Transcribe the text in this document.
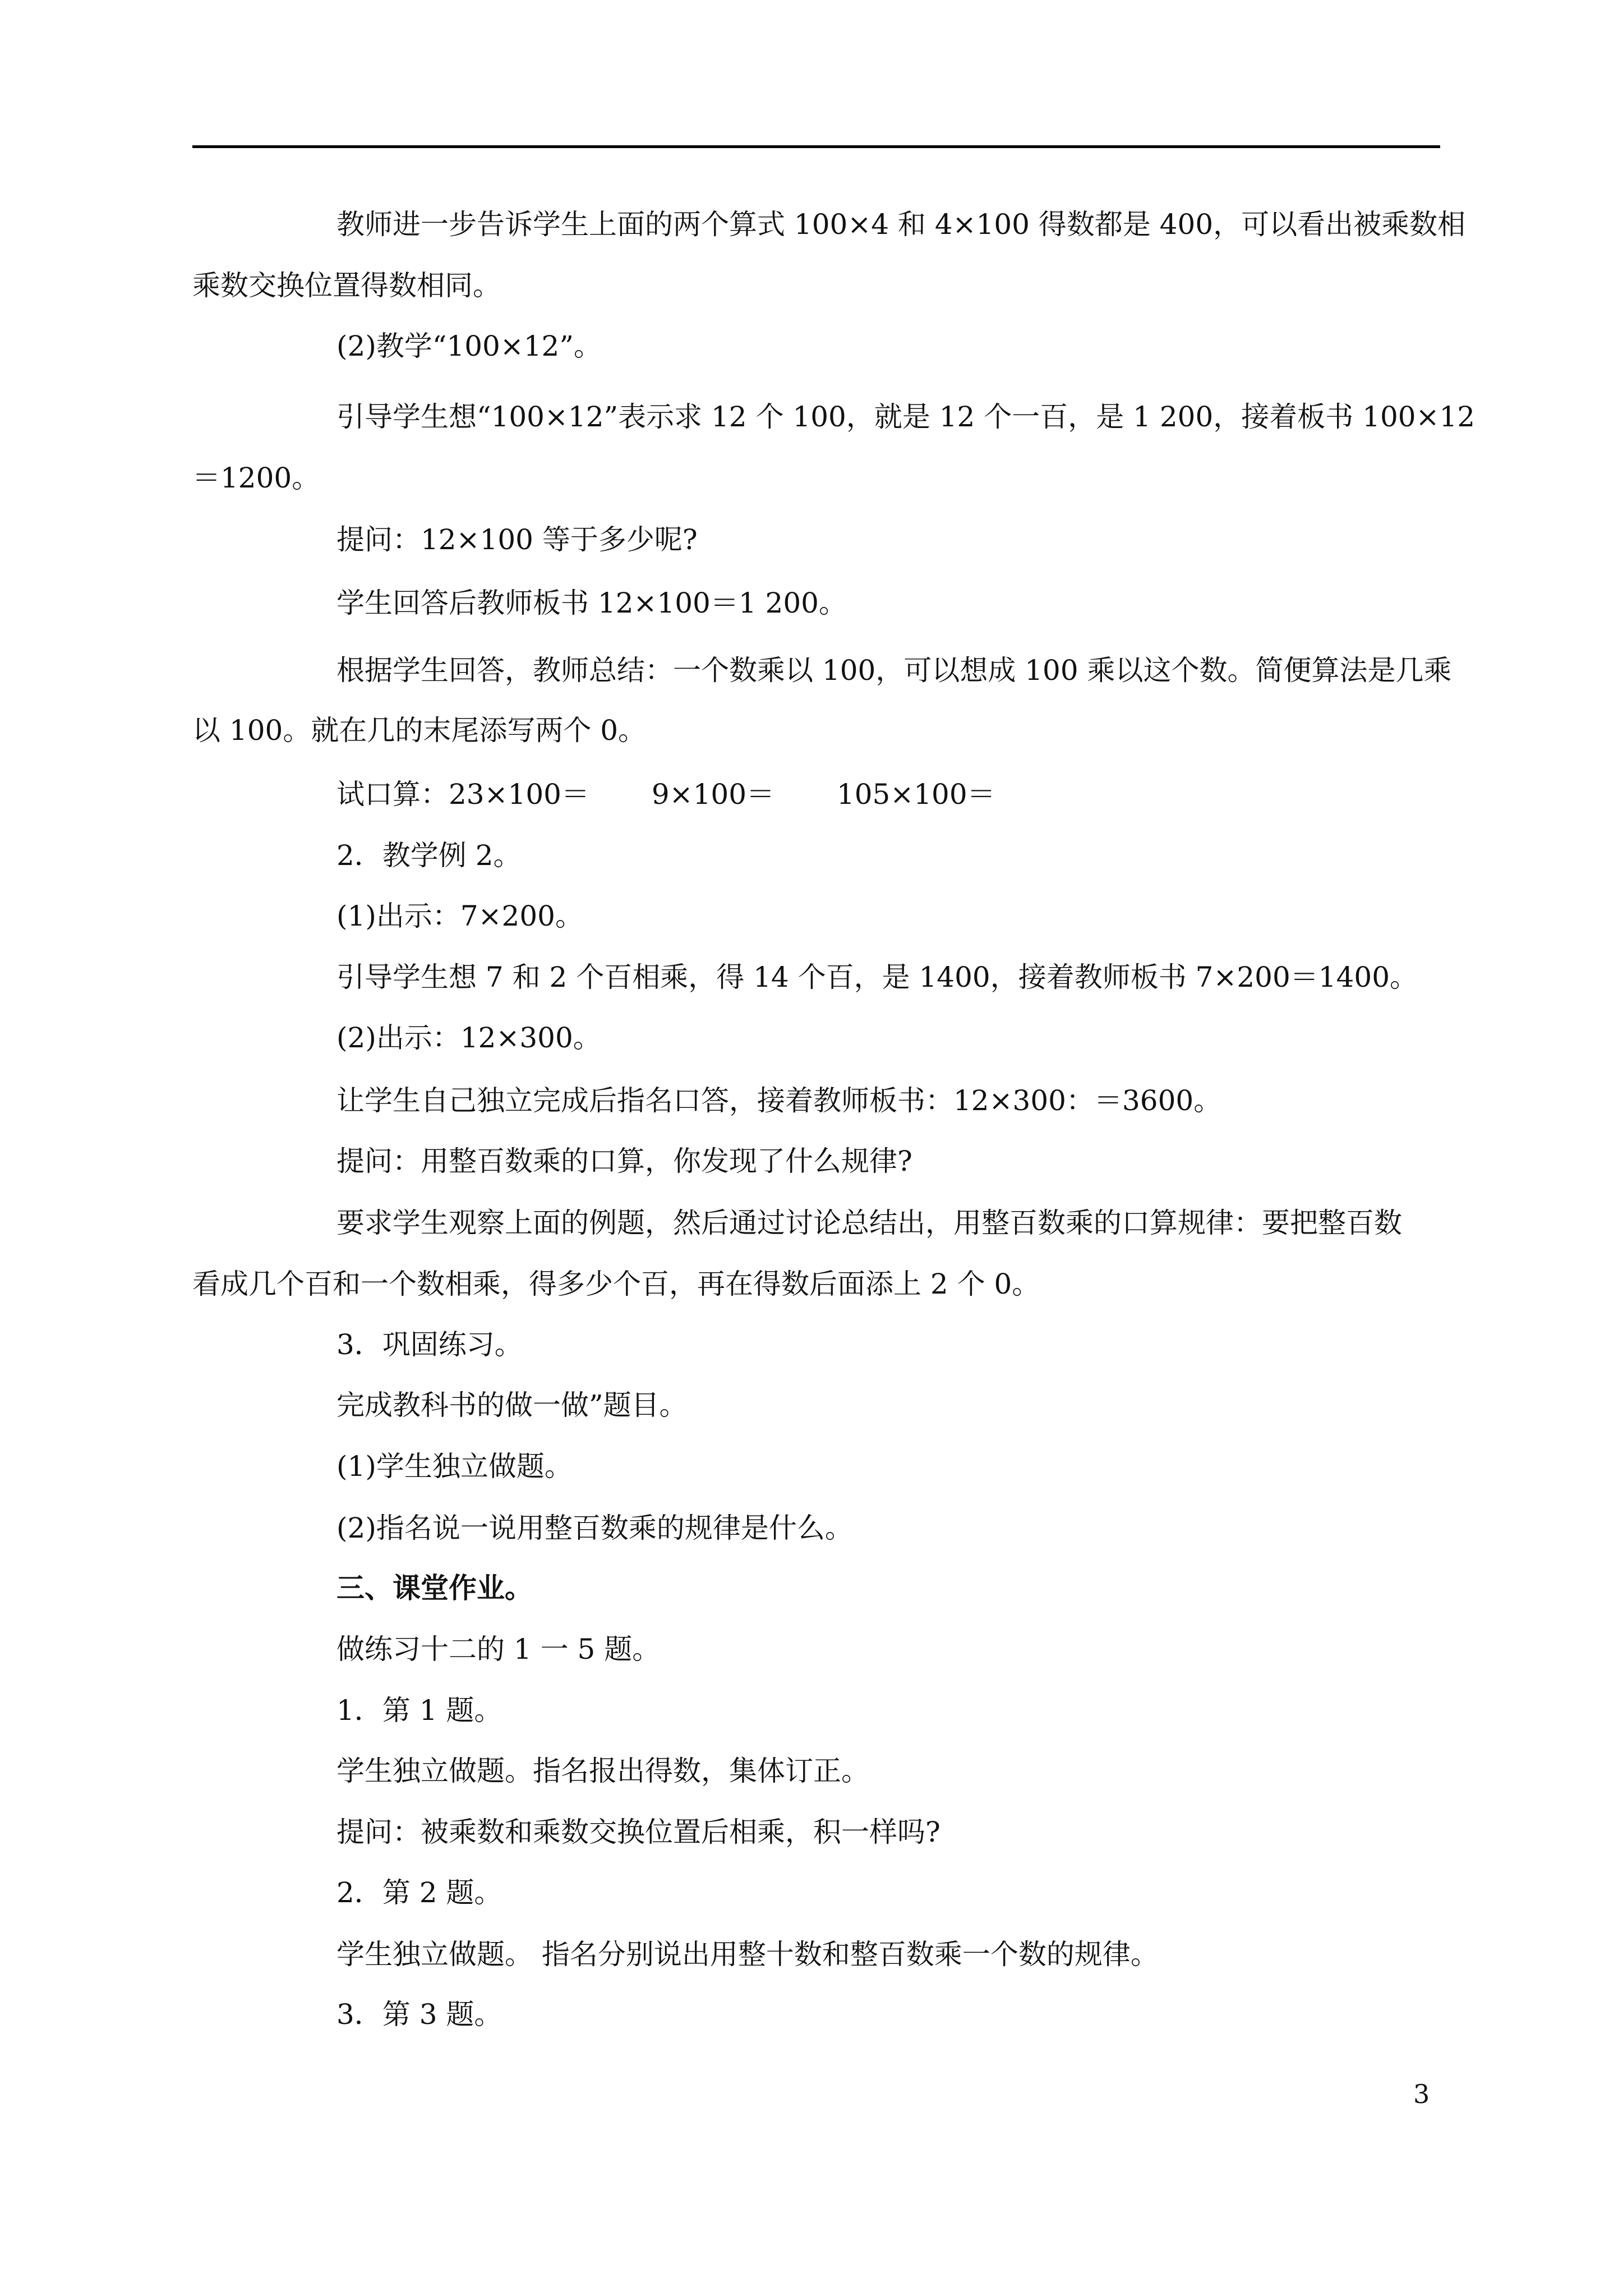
教师进一步告诉学生上面的两个算式 100×4 和 4×100 得数都是 400，可以看出被乘数相
乘数交换位置得数相同。
(2)教学“100×12”。
引导学生想“100×12”表示求 12 个 100，就是 12 个一百，是 1 200，接着板书 100×12
＝1200。
提问：12×100 等于多少呢?
学生回答后教师板书 12×100＝1 200。
根据学生回答，教师总结：一个数乘以 100，可以想成 100 乘以这个数。简便算法是几乘
以 100。就在几的末尾添写两个 0。
试口算：23×100＝ 9×100＝ 105×100＝
2．教学例 2。
(1)出示：7×200。
引导学生想 7 和 2 个百相乘，得 14 个百，是 1400，接着教师板书 7×200＝1400。
(2)出示：12×300。
让学生自己独立完成后指名口答，接着教师板书：12×300：＝3600。
提问：用整百数乘的口算，你发现了什么规律?
要求学生观察上面的例题，然后通过讨论总结出，用整百数乘的口算规律：要把整百数
看成几个百和一个数相乘，得多少个百，再在得数后面添上 2 个 0。
3．巩固练习。
完成教科书的做一做”题目。
(1)学生独立做题。
(2)指名说一说用整百数乘的规律是什么。
三、课堂作业。
做练习十二的 1 一 5 题。
1．第 1 题。
学生独立做题。指名报出得数，集体订正。
提问：被乘数和乘数交换位置后相乘，积一样吗?
2．第 2 题。
学生独立做题。 指名分别说出用整十数和整百数乘一个数的规律。
3．第 3 题。
3
